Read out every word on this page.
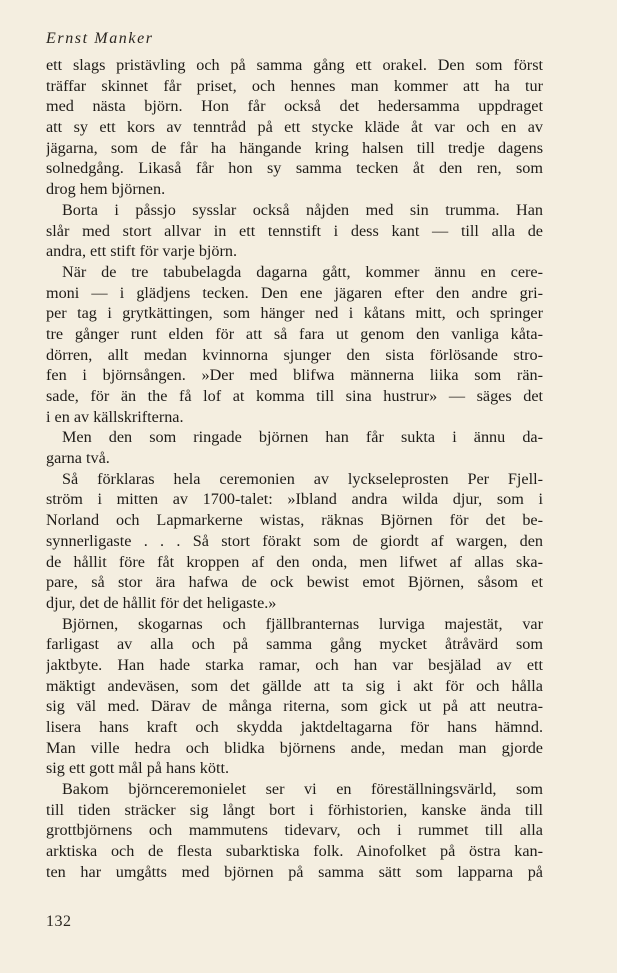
Ernst Manker
ett slags pristävling och på samma gång ett orakel. Den som först
träffar skinnet får priset, och hennes man kommer att ha tur
med nästa björn. Hon får också det hedersamma uppdraget
att sy ett kors av tenntråd på ett stycke kläde åt var och en av
jägarna, som de får ha hängande kring halsen till tredje dagens
solnedgång. Likaså får hon sy samma tecken åt den ren, som
drog hem björnen.
Borta i påssjo sysslar också nåjden med sin trumma. Han
slår med stort allvar in ett tennstift i dess kant — till alla de
andra, ett stift för varje björn.
När de tre tabubelagda dagarna gått, kommer ännu en cere-
moni — i glädjens tecken. Den ene jägaren efter den andre gri-
per tag i grytkättingen, som hänger ned i kåtans mitt, och springer
tre gånger runt elden för att så fara ut genom den vanliga kåta-
dörren, allt medan kvinnorna sjunger den sista förlösande stro-
fen i björnsången. »Der med blifwa männerna liika som rän-
sade, för än the få lof at komma till sina hustrur» — säges det
i en av källskrifterna.
Men den som ringade björnen han får sukta i ännu da-
garna två.
Så förklaras hela ceremonien av lyckseleprosten Per Fjell-
ström i mitten av 1700-talet: »Ibland andra wilda djur, som i
Norland och Lapmarkerne wistas, räknas Björnen för det be-
synnerligaste . . . Så stort förakt som de giordt af wargen, den
de hållit före fåt kroppen af den onda, men lifwet af allas ska-
pare, så stor ära hafwa de ock bewist emot Björnen, såsom et
djur, det de hållit för det heligaste.»
Björnen, skogarnas och fjällbranternas lurviga majestät, var
farligast av alla och på samma gång mycket åtråvärd som
jaktbyte. Han hade starka ramar, och han var besjälad av ett
mäktigt andeväsen, som det gällde att ta sig i akt för och hålla
sig väl med. Därav de många riterna, som gick ut på att neutra-
lisera hans kraft och skydda jaktdeltagarna för hans hämnd.
Man ville hedra och blidka björnens ande, medan man gjorde
sig ett gott mål på hans kött.
Bakom björnceremonielet ser vi en föreställningsvärld, som
till tiden sträcker sig långt bort i förhistorien, kanske ända till
grottbjörnens och mammutens tidevarv, och i rummet till alla
arktiska och de flesta subarktiska folk. Ainofolket på östra kan-
ten har umgåtts med björnen på samma sätt som lapparna på
132
